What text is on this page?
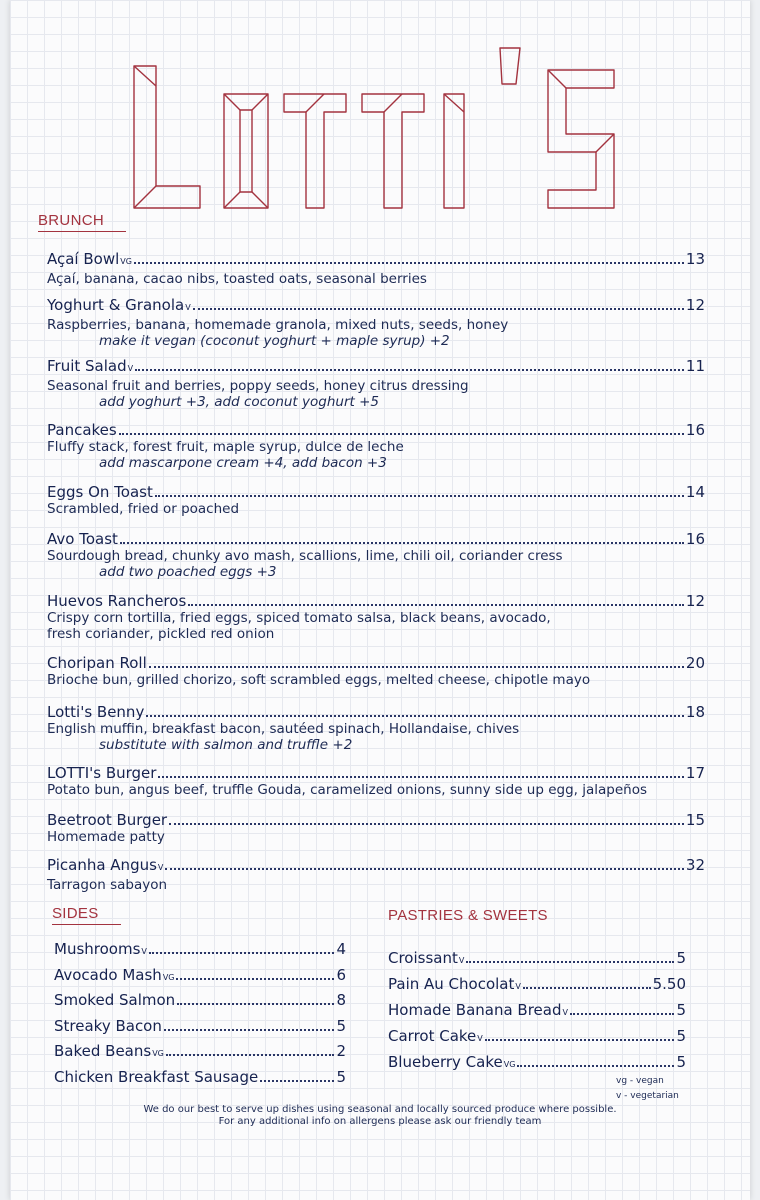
BRUNCH
Açaí Bowl VG	13
Açaí, banana, cacao nibs, toasted oats, seasonal berries
Yoghurt & Granola V	12
Raspberries, banana, homemade granola, mixed nuts, seeds, honey
make it vegan (coconut yoghurt + maple syrup) +2
Fruit Salad V	11
Seasonal fruit and berries, poppy seeds, honey citrus dressing
add yoghurt +3, add coconut yoghurt +5
Pancakes	16
Fluffy stack, forest fruit, maple syrup, dulce de leche
add mascarpone cream +4, add bacon +3
Eggs On Toast	14
Scrambled, fried or poached
Avo Toast	16
Sourdough bread, chunky avo mash, scallions, lime, chili oil, coriander cress
add two poached eggs +3
Huevos Rancheros	12
Crispy corn tortilla, fried eggs, spiced tomato salsa, black beans, avocado,
fresh coriander, pickled red onion
Choripan Roll	20
Brioche bun, grilled chorizo, soft scrambled eggs, melted cheese, chipotle mayo
Lotti's Benny	18
English muffin, breakfast bacon, sautéed spinach, Hollandaise, chives
substitute with salmon and truffle +2
LOTTI's Burger	17
Potato bun, angus beef, truffle Gouda, caramelized onions, sunny side up egg, jalapeños
Beetroot Burger	15
Homemade patty
Picanha Angus V	32
Tarragon sabayon
SIDES
Mushrooms V	4
Avocado Mash VG	6
Smoked Salmon	8
Streaky Bacon	5
Baked Beans VG	2
Chicken Breakfast Sausage	5
PASTRIES & SWEETS
Croissant V	5
Pain Au Chocolat V	5.50
Homade Banana Bread V	5
Carrot Cake V	5
Blueberry Cake VG	5
vg - vegan
v - vegetarian
We do our best to serve up dishes using seasonal and locally sourced produce where possible.
For any additional info on allergens please ask our friendly team
